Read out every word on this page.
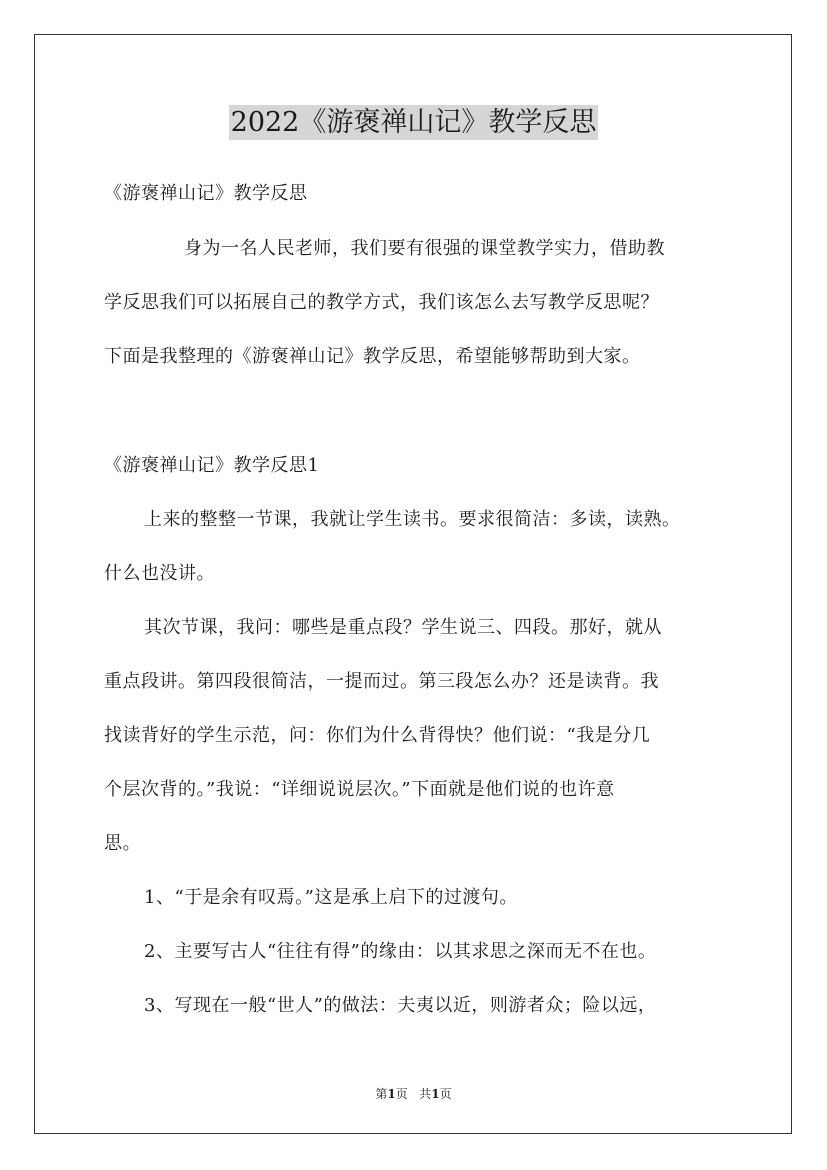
2022《游褒禅山记》教学反思
《游褒禅山记》教学反思
身为一名人民老师，我们要有很强的课堂教学实力，借助教
学反思我们可以拓展自己的教学方式，我们该怎么去写教学反思呢？
下面是我整理的《游褒禅山记》教学反思，希望能够帮助到大家。
《游褒禅山记》教学反思1
上来的整整一节课，我就让学生读书。要求很简洁：多读，读熟。
什么也没讲。
其次节课，我问：哪些是重点段？学生说三、四段。那好，就从
重点段讲。第四段很简洁，一提而过。第三段怎么办？还是读背。我
找读背好的学生示范，问：你们为什么背得快？他们说：“我是分几
个层次背的。”我说：“详细说说层次。”下面就是他们说的也许意
思。
1、“于是余有叹焉。”这是承上启下的过渡句。
2、主要写古人“往往有得”的缘由：以其求思之深而无不在也。
3、写现在一般“世人”的做法：夫夷以近，则游者众；险以远，
第1页 共1页
